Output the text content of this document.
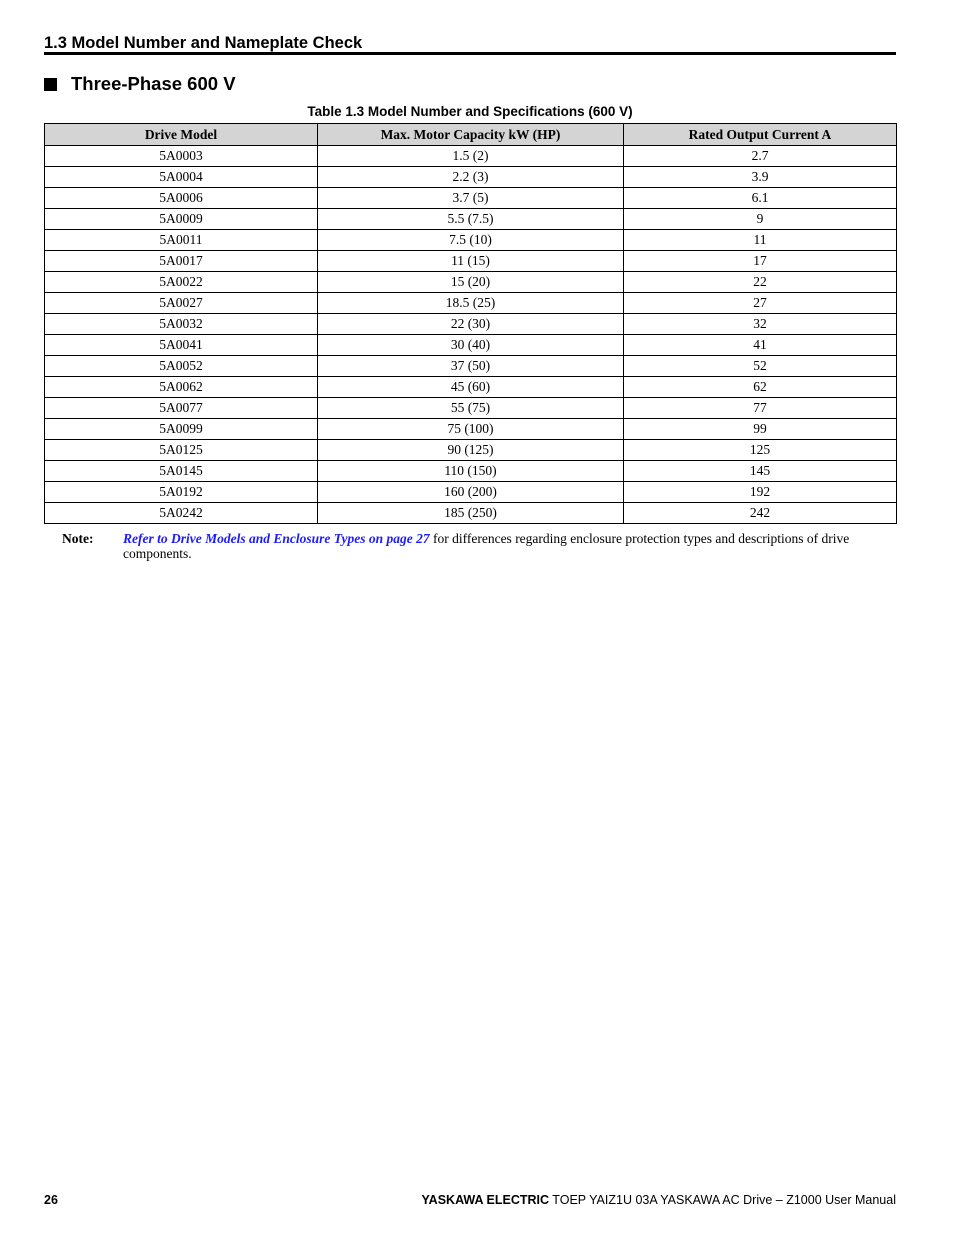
1.3 Model Number and Nameplate Check
Three-Phase 600 V
Table 1.3 Model Number and Specifications (600 V)
Drive Model	Max. Motor Capacity kW (HP)	Rated Output Current A
5A0003	1.5 (2)	2.7
5A0004	2.2 (3)	3.9
5A0006	3.7 (5)	6.1
5A0009	5.5 (7.5)	9
5A0011	7.5 (10)	11
5A0017	11 (15)	17
5A0022	15 (20)	22
5A0027	18.5 (25)	27
5A0032	22 (30)	32
5A0041	30 (40)	41
5A0052	37 (50)	52
5A0062	45 (60)	62
5A0077	55 (75)	77
5A0099	75 (100)	99
5A0125	90 (125)	125
5A0145	110 (150)	145
5A0192	160 (200)	192
5A0242	185 (250)	242
Note: Refer to Drive Models and Enclosure Types on page 27 for differences regarding enclosure protection types and descriptions of drive components.
26	YASKAWA ELECTRIC TOEP YAIZ1U 03A YASKAWA AC Drive – Z1000 User Manual
